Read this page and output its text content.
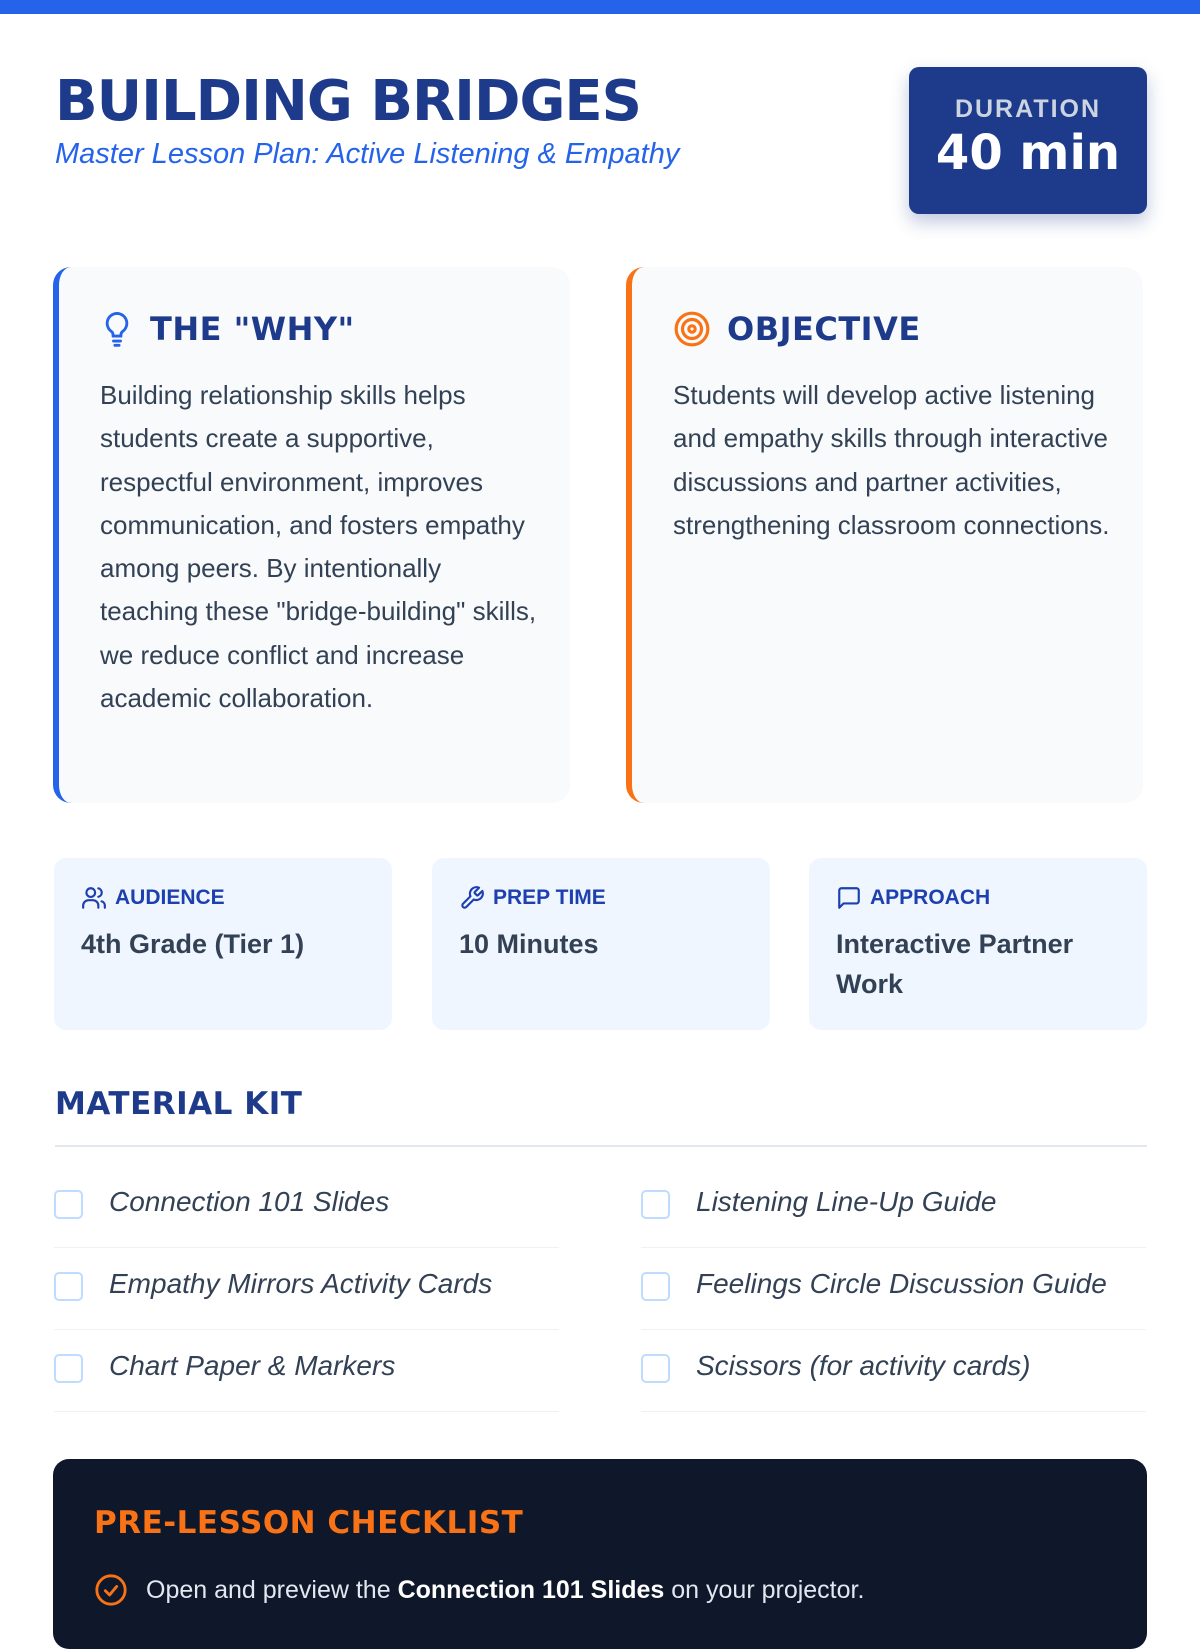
BUILDING BRIDGES
Master Lesson Plan: Active Listening & Empathy
DURATION
40 min
THE "WHY"
Building relationship skills helps students create a supportive, respectful environment, improves communication, and fosters empathy among peers. By intentionally teaching these "bridge-building" skills, we reduce conflict and increase academic collaboration.
OBJECTIVE
Students will develop active listening and empathy skills through interactive discussions and partner activities, strengthening classroom connections.
AUDIENCE
4th Grade (Tier 1)
PREP TIME
10 Minutes
APPROACH
Interactive Partner Work
MATERIAL KIT
Connection 101 Slides	Listening Line-Up Guide
Empathy Mirrors Activity Cards	Feelings Circle Discussion Guide
Chart Paper & Markers	Scissors (for activity cards)
PRE-LESSON CHECKLIST
Open and preview the Connection 101 Slides on your projector.
